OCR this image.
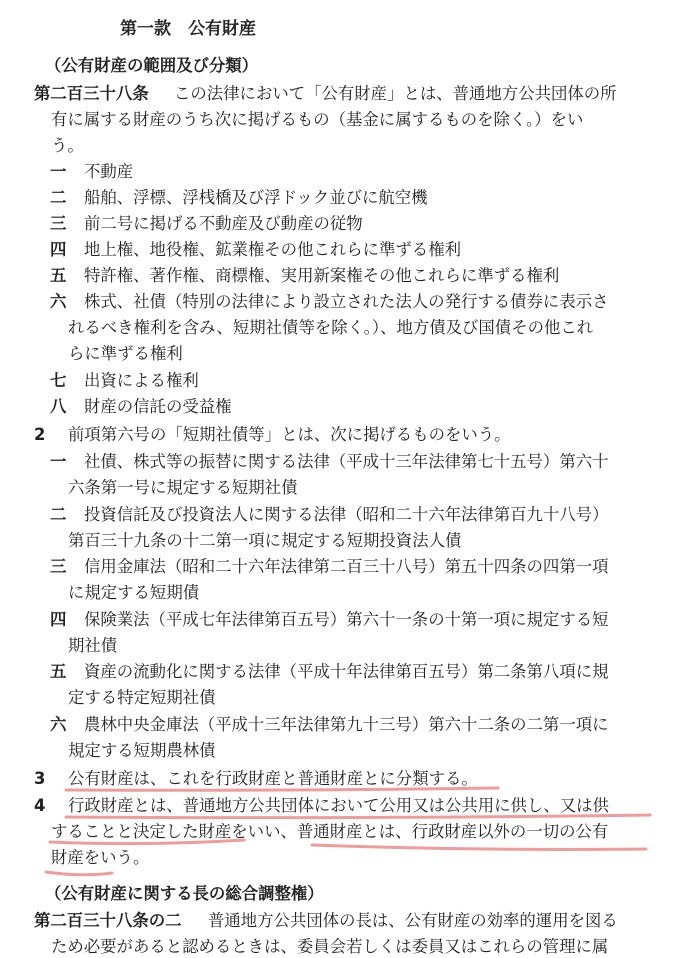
第一款　公有財産
（公有財産の範囲及び分類）
第二百三十八条 この法律において「公有財産」とは、普通地方公共団体の所
有に属する財産のうち次に掲げるもの（基金に属するものを除く。）をい
う。
一 不動産
二 船舶、浮標、浮桟橋及び浮ドック並びに航空機
三 前二号に掲げる不動産及び動産の従物
四 地上権、地役権、鉱業権その他これらに準ずる権利
五 特許権、著作権、商標権、実用新案権その他これらに準ずる権利
六 株式、社債（特別の法律により設立された法人の発行する債券に表示さ
れるべき権利を含み、短期社債等を除く。）、地方債及び国債その他これ
らに準ずる権利
七 出資による権利
八 財産の信託の受益権
2 前項第六号の「短期社債等」とは、次に掲げるものをいう。
一 社債、株式等の振替に関する法律（平成十三年法律第七十五号）第六十
六条第一号に規定する短期社債
二 投資信託及び投資法人に関する法律（昭和二十六年法律第百九十八号）
第百三十九条の十二第一項に規定する短期投資法人債
三 信用金庫法（昭和二十六年法律第二百三十八号）第五十四条の四第一項
に規定する短期債
四 保険業法（平成七年法律第百五号）第六十一条の十第一項に規定する短
期社債
五 資産の流動化に関する法律（平成十年法律第百五号）第二条第八項に規
定する特定短期社債
六 農林中央金庫法（平成十三年法律第九十三号）第六十二条の二第一項に
規定する短期農林債
3 公有財産は、これを行政財産と普通財産とに分類する。
4 行政財産とは、普通地方公共団体において公用又は公共用に供し、又は供
することと決定した財産をいい、普通財産とは、行政財産以外の一切の公有
財産をいう。
（公有財産に関する長の総合調整権）
第二百三十八条の二 普通地方公共団体の長は、公有財産の効率的運用を図る
ため必要があると認めるときは、委員会若しくは委員又はこれらの管理に属
